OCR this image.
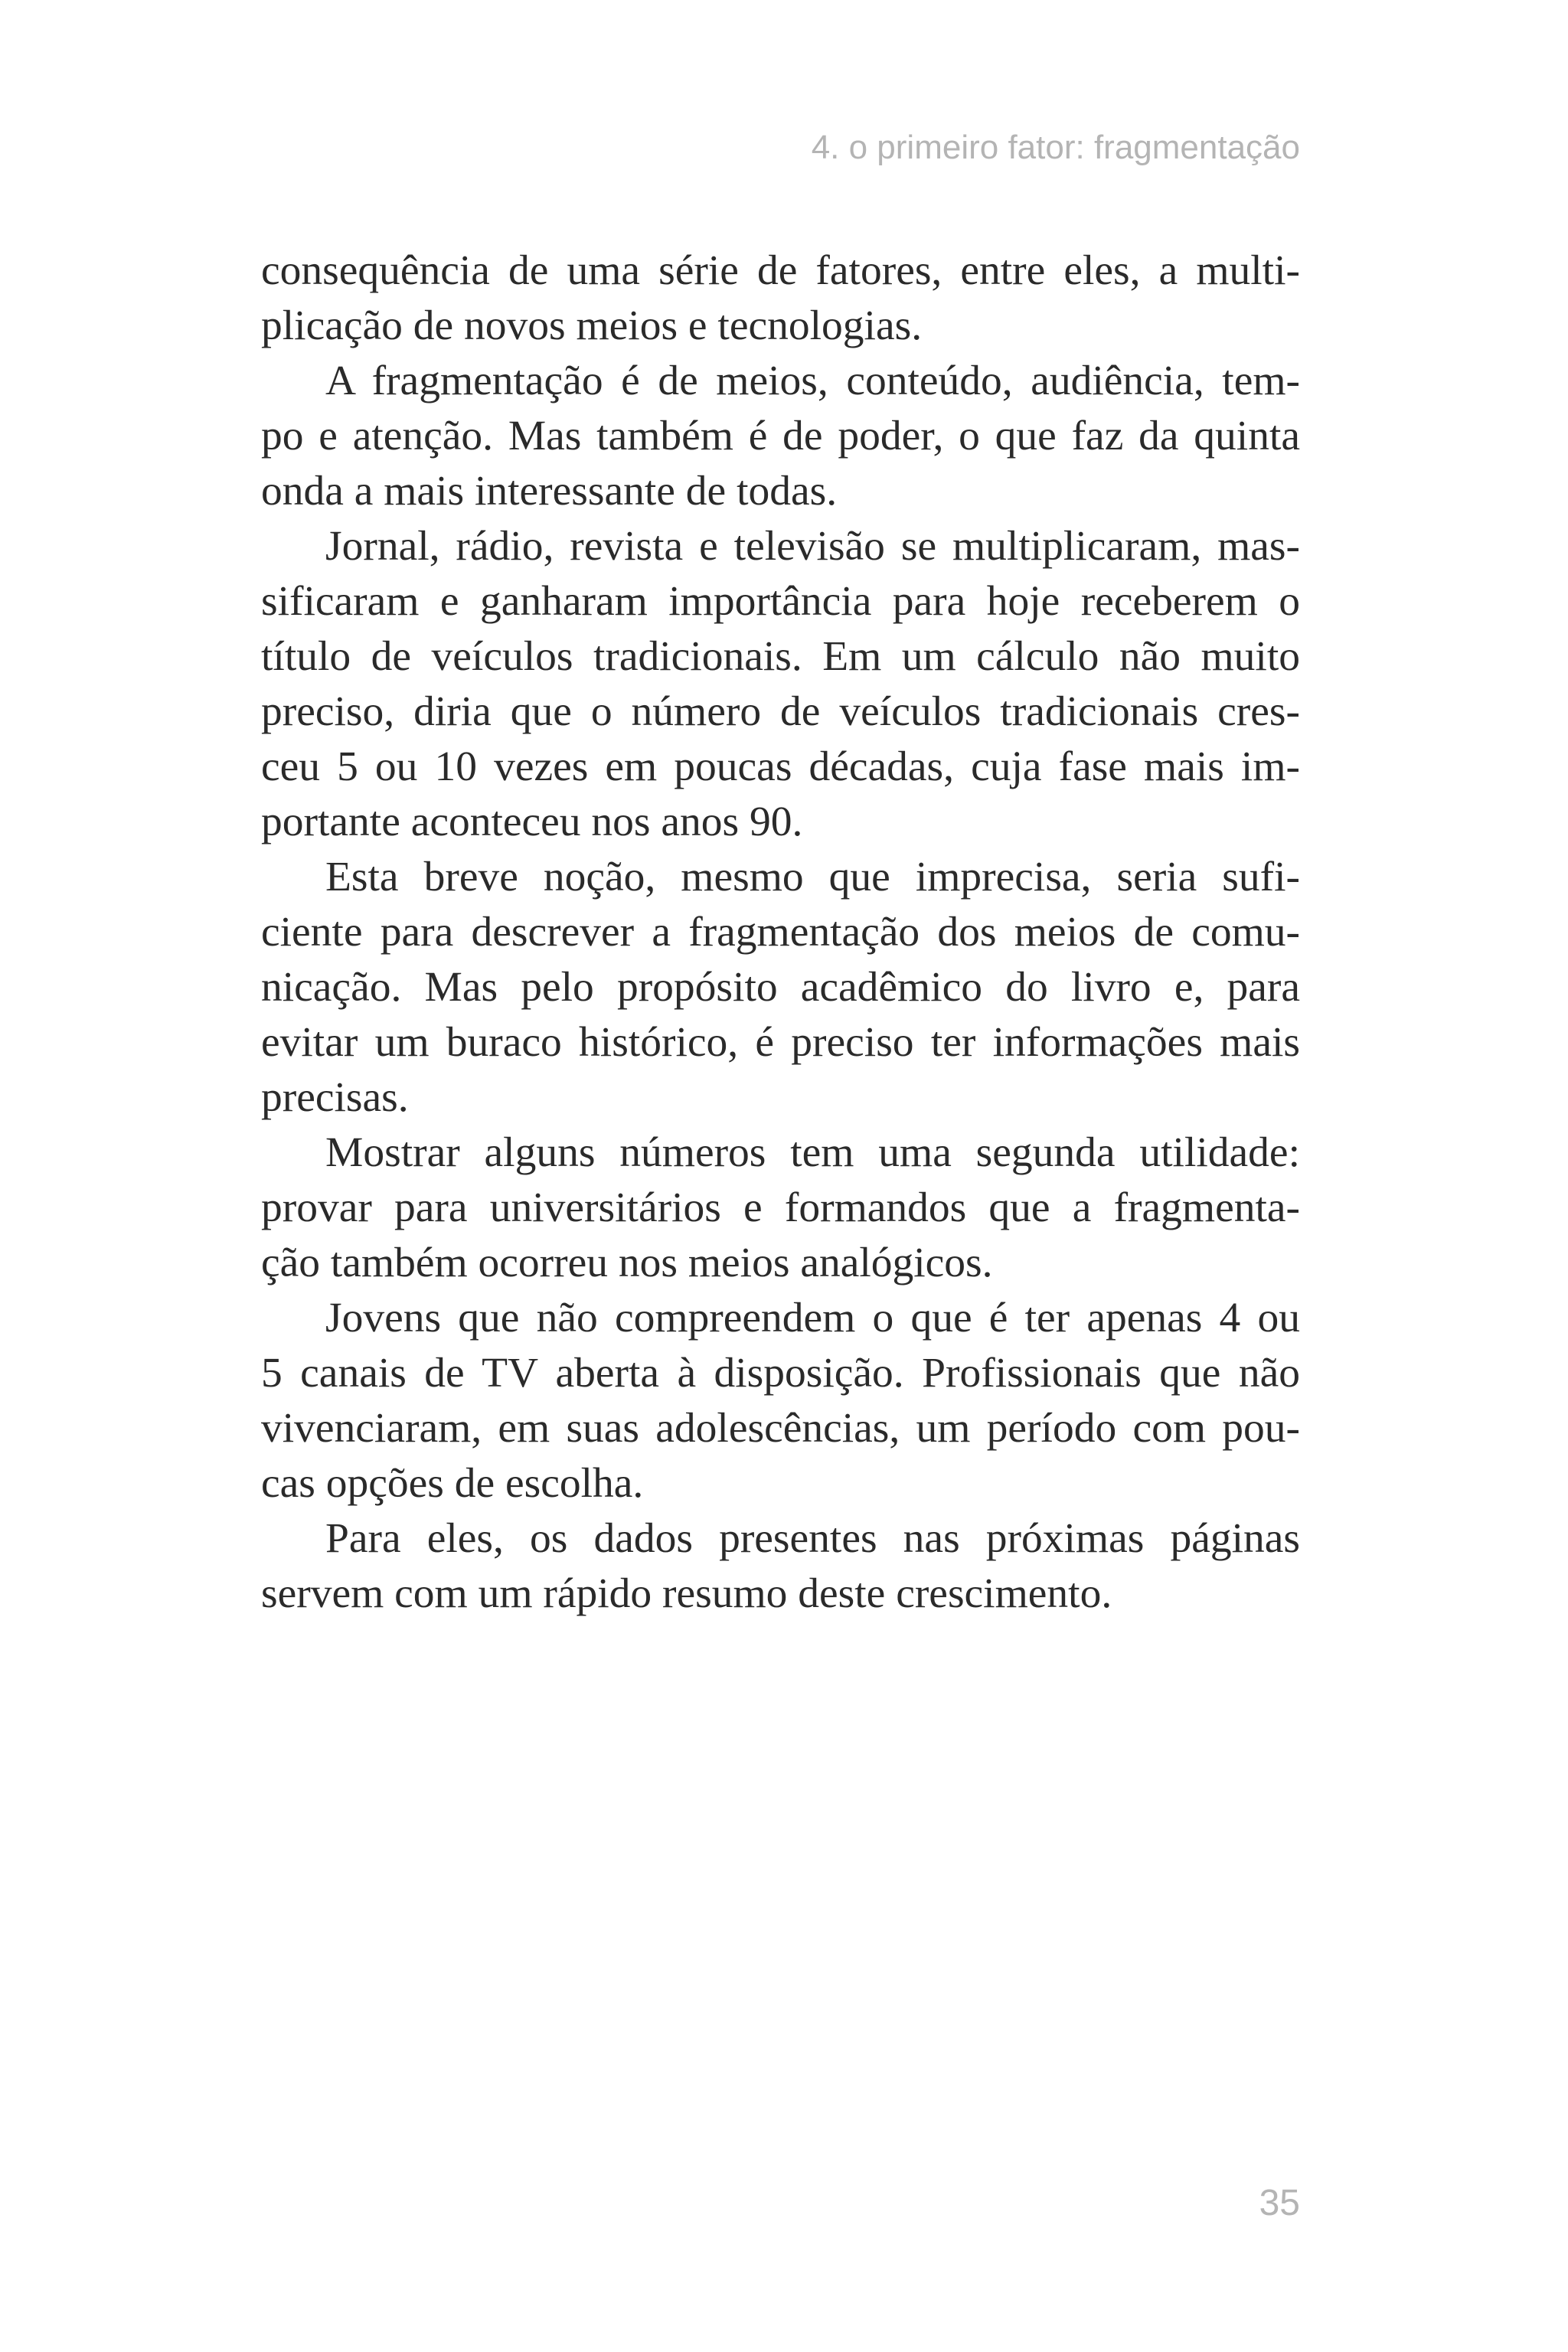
4. o primeiro fator: fragmentação
consequência de uma série de fatores, entre eles, a multi-
plicação de novos meios e tecnologias.
A fragmentação é de meios, conteúdo, audiência, tem-
po e atenção. Mas também é de poder, o que faz da quinta
onda a mais interessante de todas.
Jornal, rádio, revista e televisão se multiplicaram, mas-
sificaram e ganharam importância para hoje receberem o
título de veículos tradicionais. Em um cálculo não muito
preciso, diria que o número de veículos tradicionais cres-
ceu 5 ou 10 vezes em poucas décadas, cuja fase mais im-
portante aconteceu nos anos 90.
Esta breve noção, mesmo que imprecisa, seria sufi-
ciente para descrever a fragmentação dos meios de comu-
nicação. Mas pelo propósito acadêmico do livro e, para
evitar um buraco histórico, é preciso ter informações mais
precisas.
Mostrar alguns números tem uma segunda utilidade:
provar para universitários e formandos que a fragmenta-
ção também ocorreu nos meios analógicos.
Jovens que não compreendem o que é ter apenas 4 ou
5 canais de TV aberta à disposição. Profissionais que não
vivenciaram, em suas adolescências, um período com pou-
cas opções de escolha.
Para eles, os dados presentes nas próximas páginas
servem com um rápido resumo deste crescimento.
35
